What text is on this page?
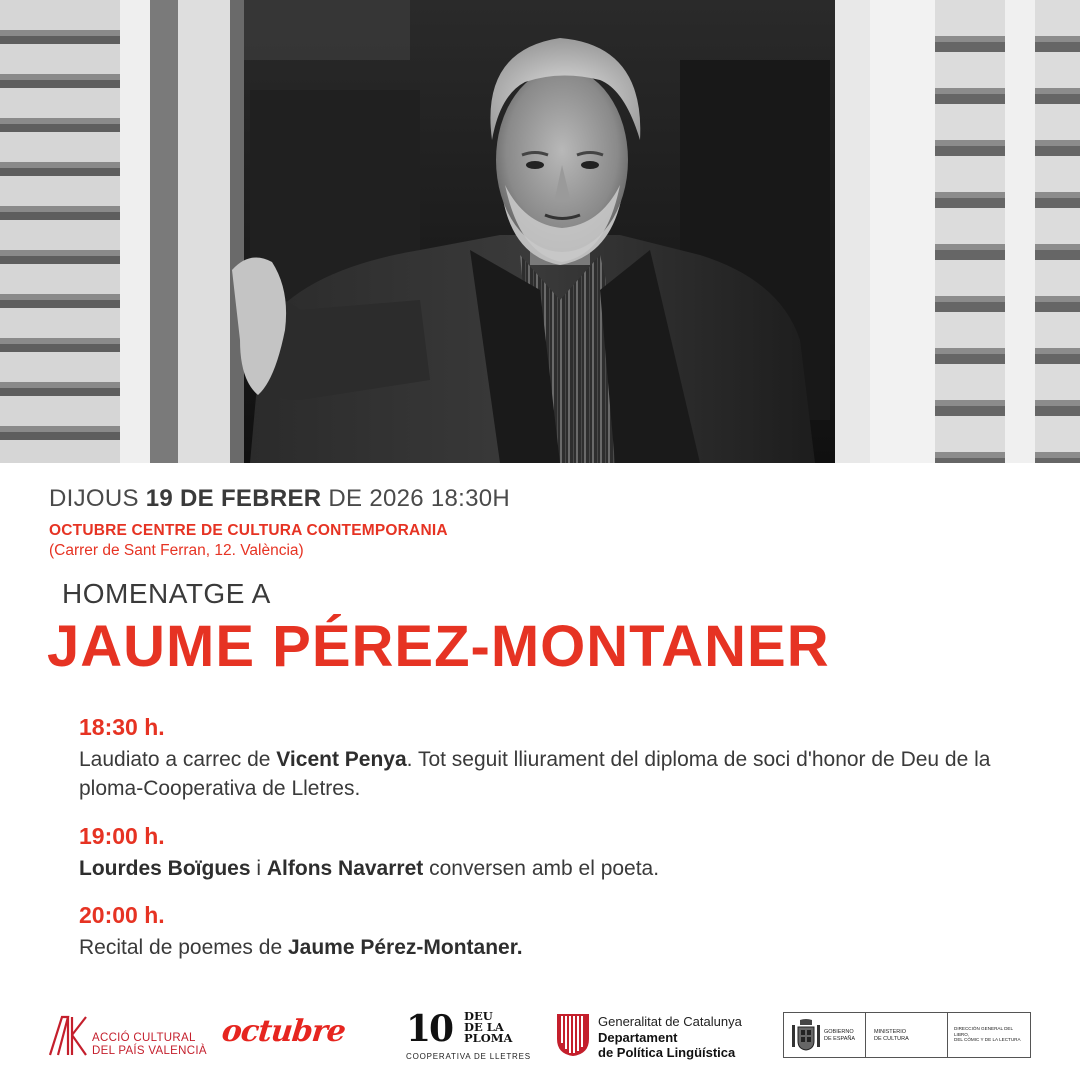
DIJOUS 19 DE FEBRER DE 2026 18:30H

OCTUBRE CENTRE DE CULTURA CONTEMPORANIA

(Carrer de Sant Ferran, 12. València)

HOMENATGE A

JAUME PÉREZ-MONTANER

18:30 h.

Laudiato a carrec de Vicent Penya. Tot seguit lliurament del diploma de soci d'honor de Deu de la ploma-Cooperativa de Lletres.

19:00 h.

Lourdes Boïgues i Alfons Navarret conversen amb el poeta.

20:00 h.

Recital de poemes de Jaume Pérez-Montaner.

ACCIÓ CULTURAL
DEL PAÍS VALENCIÀ
octubre 10 DEU
DE LA
PLOMA
COOPERATIVA DE LLETRES
Generalitat de Catalunya
Departament
de Política Lingüística
GOBIERNO
DE ESPAÑA
MINISTERIO
DE CULTURA
DIRECCIÓN GENERAL DEL LIBRO,
DEL CÓMIC Y DE LA LECTURA
